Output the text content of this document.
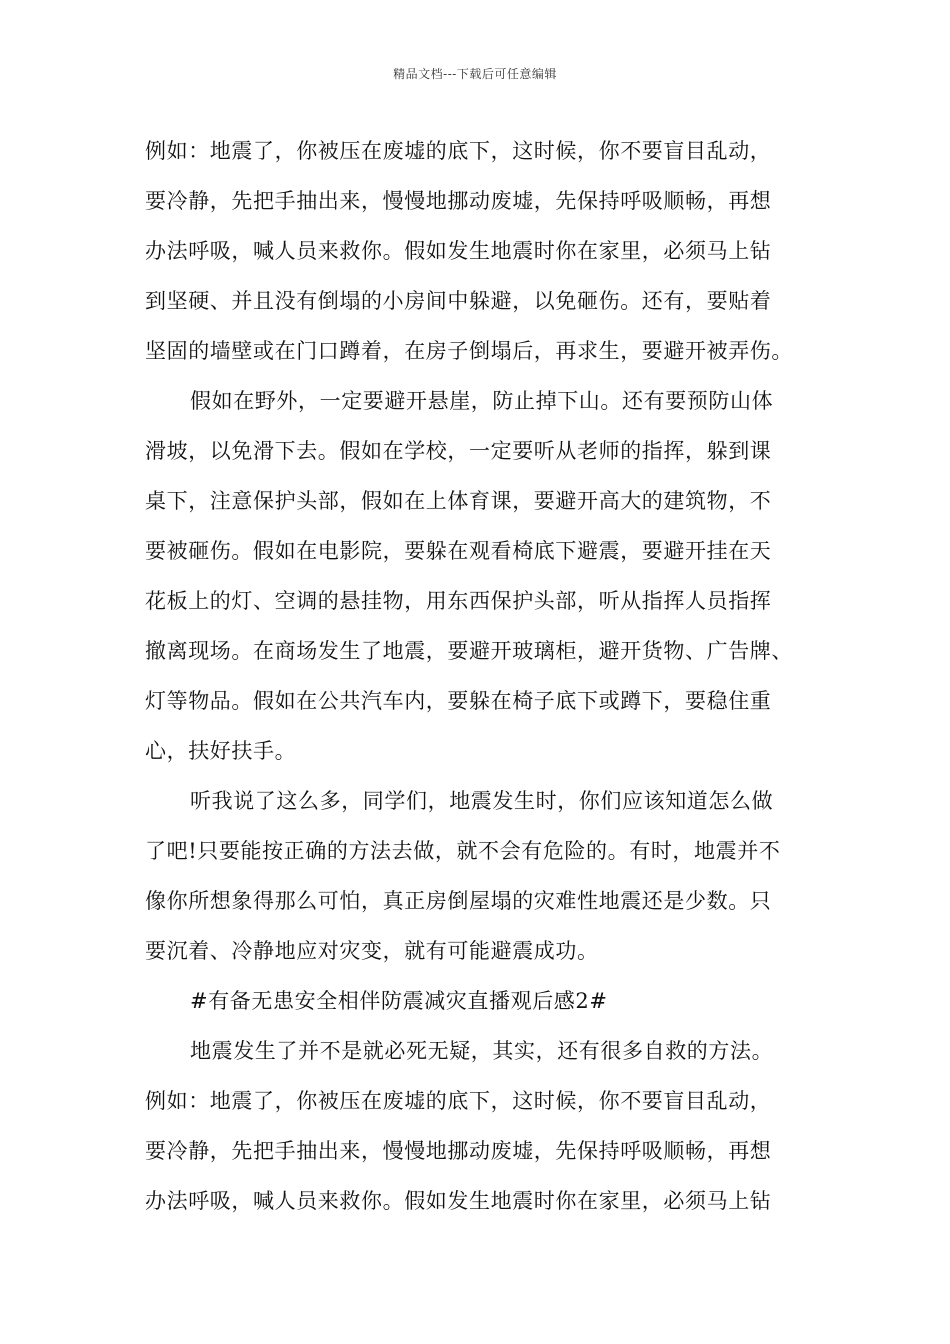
精品文档---下载后可任意编辑
例如：地震了，你被压在废墟的底下，这时候，你不要盲目乱动，
要冷静，先把手抽出来，慢慢地挪动废墟，先保持呼吸顺畅，再想
办法呼吸，喊人员来救你。假如发生地震时你在家里，必须马上钻
到坚硬、并且没有倒塌的小房间中躲避，以免砸伤。还有，要贴着
坚固的墙壁或在门口蹲着，在房子倒塌后，再求生，要避开被弄伤。
假如在野外，一定要避开悬崖，防止掉下山。还有要预防山体
滑坡，以免滑下去。假如在学校，一定要听从老师的指挥，躲到课
桌下，注意保护头部，假如在上体育课，要避开高大的建筑物，不
要被砸伤。假如在电影院，要躲在观看椅底下避震，要避开挂在天
花板上的灯、空调的悬挂物，用东西保护头部，听从指挥人员指挥
撤离现场。在商场发生了地震，要避开玻璃柜，避开货物、广告牌、
灯等物品。假如在公共汽车内，要躲在椅子底下或蹲下，要稳住重
心，扶好扶手。
听我说了这么多，同学们，地震发生时，你们应该知道怎么做
了吧!只要能按正确的方法去做，就不会有危险的。有时，地震并不
像你所想象得那么可怕，真正房倒屋塌的灾难性地震还是少数。只
要沉着、冷静地应对灾变，就有可能避震成功。
#有备无患安全相伴防震减灾直播观后感2#
地震发生了并不是就必死无疑，其实，还有很多自救的方法。
例如：地震了，你被压在废墟的底下，这时候，你不要盲目乱动，
要冷静，先把手抽出来，慢慢地挪动废墟，先保持呼吸顺畅，再想
办法呼吸，喊人员来救你。假如发生地震时你在家里，必须马上钻
